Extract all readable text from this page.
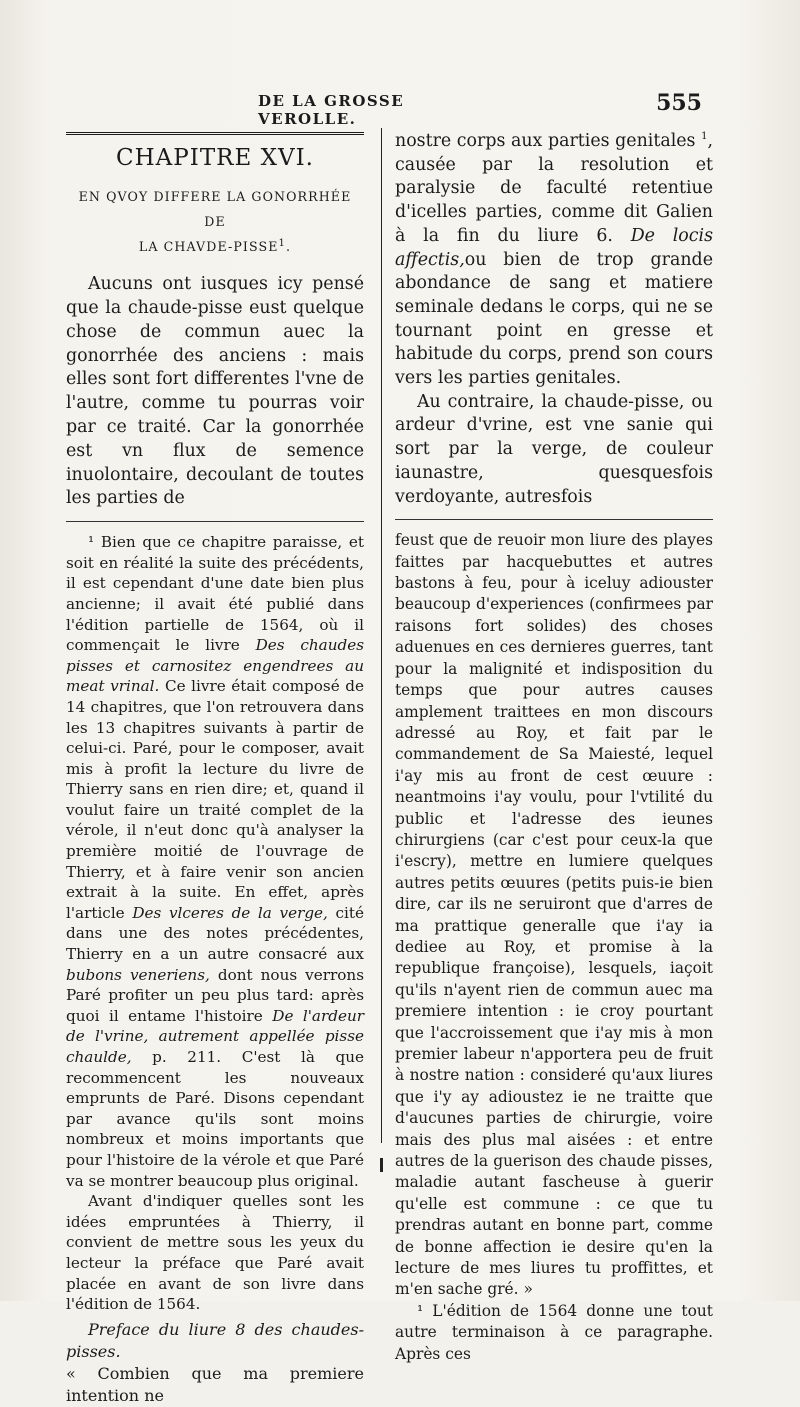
DE LA GROSSE VEROLLE.
555
CHAPITRE XVI.
EN QVOY DIFFERE LA GONORRHÉE DE
LA CHAVDE-PISSE$^1$.

Aucuns ont iusques icy pensé que la chaude-pisse eust quelque chose de commun auec la gonorrhée des anciens : mais elles sont fort differentes l'vne de l'autre, comme tu pourras voir par ce traité. Car la gonorrhée est vn flux de semence inuolontaire, decoulant de toutes les parties de

¹ Bien que ce chapitre paraisse, et soit en réalité la suite des précédents, il est cependant d'une date bien plus ancienne; il avait été publié dans l'édition partielle de 1564, où il commençait le livre Des chaudes pisses et carnositez engendrees au meat vrinal. Ce livre était composé de 14 chapitres, que l'on retrouvera dans les 13 chapitres suivants à partir de celui-ci. Paré, pour le composer, avait mis à profit la lecture du livre de Thierry sans en rien dire; et, quand il voulut faire un traité complet de la vérole, il n'eut donc qu'à analyser la première moitié de l'ouvrage de Thierry, et à faire venir son ancien extrait à la suite. En effet, après l'article Des vlceres de la verge, cité dans une des notes précédentes, Thierry en a un autre consacré aux bubons veneriens, dont nous verrons Paré profiter un peu plus tard: après quoi il entame l'histoire De l'ardeur de l'vrine, autrement appellée pisse chaulde, p. 211. C'est là que recommencent les nouveaux emprunts de Paré. Disons cependant par avance qu'ils sont moins nombreux et moins importants que pour l'histoire de la vérole et que Paré va se montrer beaucoup plus original.

Avant d'indiquer quelles sont les idées empruntées à Thierry, il convient de mettre sous les yeux du lecteur la préface que Paré avait placée en avant de son livre dans l'édition de 1564.

Preface du liure 8 des chaudes-pisses.

« Combien que ma premiere intention ne

nostre corps aux parties genitales $^1$, causée par la resolution et paralysie de faculté retentiue d'icelles parties, comme dit Galien à la fin du liure 6. De locis affectis,ou bien de trop grande abondance de sang et matiere seminale dedans le corps, qui ne se tournant point en gresse et habitude du corps, prend son cours vers les parties genitales.

Au contraire, la chaude-pisse, ou ardeur d'vrine, est vne sanie qui sort par la verge, de couleur iaunastre, quesquesfois verdoyante, autresfois

feust que de reuoir mon liure des playes faittes par hacquebuttes et autres bastons à feu, pour à iceluy adiouster beaucoup d'experiences (confirmees par raisons fort solides) des choses aduenues en ces dernieres guerres, tant pour la malignité et indisposition du temps que pour autres causes amplement traittees en mon discours adressé au Roy, et fait par le commandement de Sa Maiesté, lequel i'ay mis au front de cest œuure : neantmoins i'ay voulu, pour l'vtilité du public et l'adresse des ieunes chirurgiens (car c'est pour ceux-la que i'escry), mettre en lumiere quelques autres petits œuures (petits puis-ie bien dire, car ils ne seruiront que d'arres de ma prattique generalle que i'ay ia dediee au Roy, et promise à la republique françoise), lesquels, iaçoit qu'ils n'ayent rien de commun auec ma premiere intention : ie croy pourtant que l'accroissement que i'ay mis à mon premier labeur n'apportera peu de fruit à nostre nation : consideré qu'aux liures que i'y ay adioustez ie ne traitte que d'aucunes parties de chirurgie, voire mais des plus mal aisées : et entre autres de la guerison des chaude pisses, maladie autant fascheuse à guerir qu'elle est commune : ce que tu prendras autant en bonne part, comme de bonne affection ie desire qu'en la lecture de mes liures tu proffittes, et m'en sache gré. »

¹ L'édition de 1564 donne une tout autre terminaison à ce paragraphe. Après ces
